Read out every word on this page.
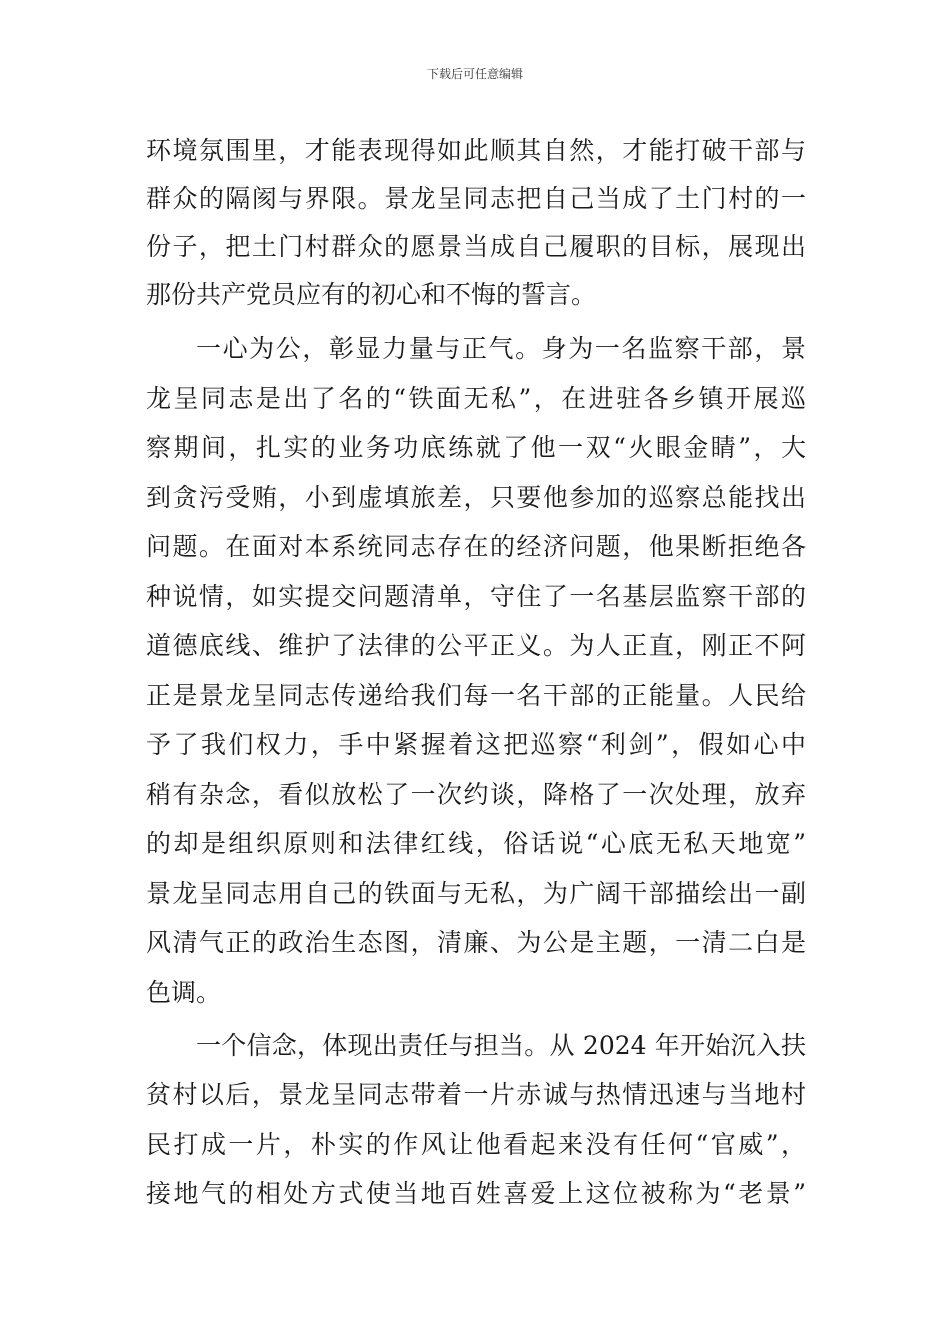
下载后可任意编辑
环境氛围里，才能表现得如此顺其自然，才能打破干部与
群众的隔阂与界限。景龙呈同志把自己当成了土门村的一
份子，把土门村群众的愿景当成自己履职的目标，展现出
那份共产党员应有的初心和不悔的誓言。
一心为公，彰显力量与正气。身为一名监察干部，景
龙呈同志是出了名的“铁面无私”，在进驻各乡镇开展巡
察期间，扎实的业务功底练就了他一双“火眼金睛”，大
到贪污受贿，小到虚填旅差，只要他参加的巡察总能找出
问题。在面对本系统同志存在的经济问题，他果断拒绝各
种说情，如实提交问题清单，守住了一名基层监察干部的
道德底线、维护了法律的公平正义。为人正直，刚正不阿
正是景龙呈同志传递给我们每一名干部的正能量。人民给
予了我们权力，手中紧握着这把巡察“利剑”，假如心中
稍有杂念，看似放松了一次约谈，降格了一次处理，放弃
的却是组织原则和法律红线，俗话说“心底无私天地宽”
景龙呈同志用自己的铁面与无私，为广阔干部描绘出一副
风清气正的政治生态图，清廉、为公是主题，一清二白是
色调。
一个信念，体现出责任与担当。从 2024 年开始沉入扶
贫村以后，景龙呈同志带着一片赤诚与热情迅速与当地村
民打成一片，朴实的作风让他看起来没有任何“官威”，
接地气的相处方式使当地百姓喜爱上这位被称为“老景”
